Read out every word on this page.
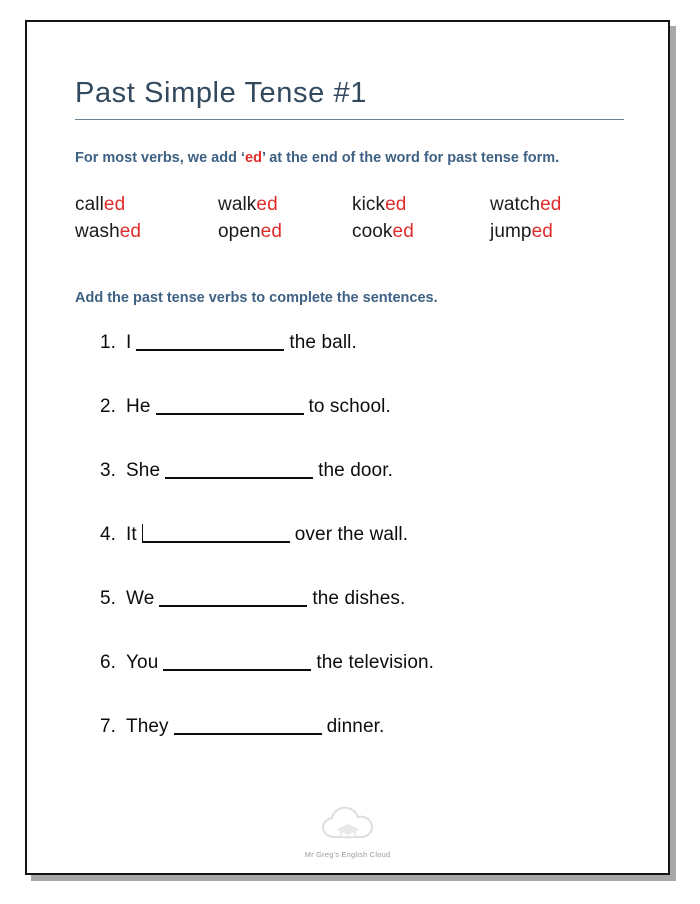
Past Simple Tense #1
For most verbs, we add ‘ed’ at the end of the word for past tense form.
called	walked	kicked	watched
washed	opened	cooked	jumped
Add the past tense verbs to complete the sentences.
1. I	the ball.
2. He	to school.
3. She	the door.
4. It	over the wall.
5. We	the dishes.
6. You	the television.
7. They	dinner.
Mr Greg's English Cloud
